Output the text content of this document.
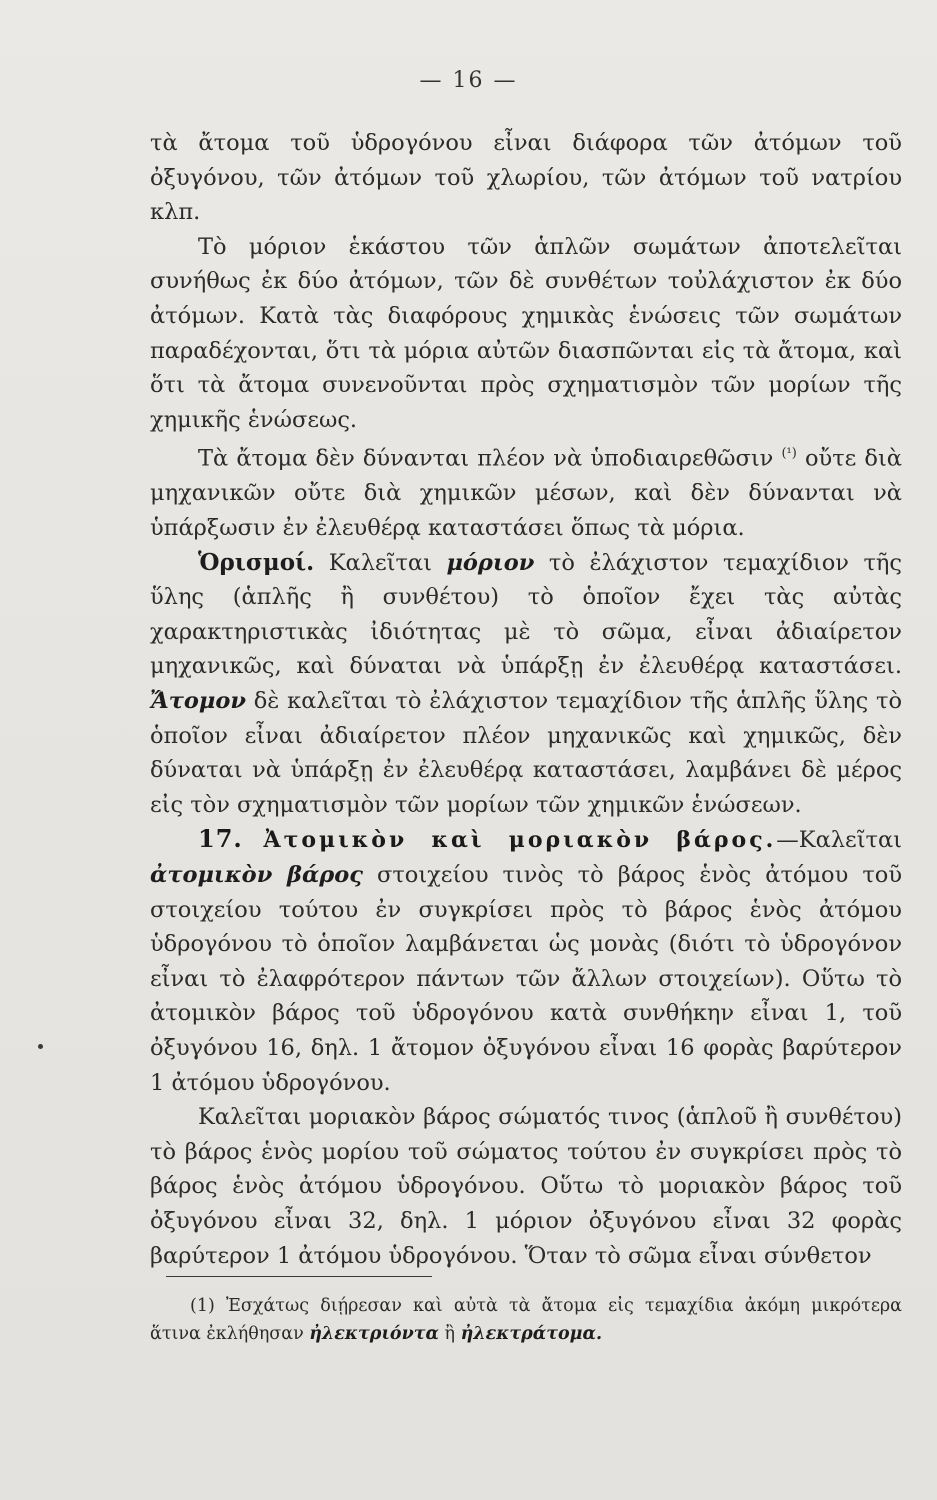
— 16 —

τὰ ἄτομα τοῦ ὑδρογόνου εἶναι διάφορα τῶν ἀτόμων τοῦ ὀξυγόνου, τῶν ἀτόμων τοῦ χλωρίου, τῶν ἀτόμων τοῦ νατρίου κλπ.

Τὸ μόριον ἑκάστου τῶν ἁπλῶν σωμάτων ἀποτελεῖται συνήθως ἐκ δύο ἀτόμων, τῶν δὲ συνθέτων τοὐλάχιστον ἐκ δύο ἀτόμων. Κατὰ τὰς διαφόρους χημικὰς ἑνώσεις τῶν σωμάτων παραδέχονται, ὅτι τὰ μόρια αὐτῶν διασπῶνται εἰς τὰ ἄτομα, καὶ ὅτι τὰ ἄτομα συνενοῦνται πρὸς σχηματισμὸν τῶν μορίων τῆς χημικῆς ἑνώσεως.

Τὰ ἄτομα δὲν δύνανται πλέον νὰ ὑποδιαιρεθῶσιν $^{(^1)}$ οὔτε διὰ μηχανικῶν οὔτε διὰ χημικῶν μέσων, καὶ δὲν δύνανται νὰ ὑπάρξωσιν ἐν ἐλευθέρᾳ καταστάσει ὅπως τὰ μόρια.

Ὁρισμοί. Καλεῖται μόριον τὸ ἐλάχιστον τεμαχίδιον τῆς ὕλης (ἁπλῆς ἢ συνθέτου) τὸ ὁποῖον ἔχει τὰς αὐτὰς χαρακτηριστικὰς ἰδιότητας μὲ τὸ σῶμα, εἶναι ἀδιαίρετον μηχανικῶς, καὶ δύναται νὰ ὑπάρξῃ ἐν ἐλευθέρᾳ καταστάσει. Ἄτομον δὲ καλεῖται τὸ ἐλάχιστον τεμαχίδιον τῆς ἁπλῆς ὕλης τὸ ὁποῖον εἶναι ἀδιαίρετον πλέον μηχανικῶς καὶ χημικῶς, δὲν δύναται νὰ ὑπάρξῃ ἐν ἐλευθέρᾳ καταστάσει, λαμβάνει δὲ μέρος εἰς τὸν σχηματισμὸν τῶν μορίων τῶν χημικῶν ἑνώσεων.

17. Ἀτομικὸν καὶ μοριακὸν βάρος.—Καλεῖται ἀτομικὸν βάρος στοιχείου τινὸς τὸ βάρος ἑνὸς ἀτόμου τοῦ στοιχείου τούτου ἐν συγκρίσει πρὸς τὸ βάρος ἑνὸς ἀτόμου ὑδρογόνου τὸ ὁποῖον λαμβάνεται ὡς μονὰς (διότι τὸ ὑδρογόνον εἶναι τὸ ἐλαφρότερον πάντων τῶν ἄλλων στοιχείων). Οὕτω τὸ ἀτομικὸν βάρος τοῦ ὑδρογόνου κατὰ συνθήκην εἶναι 1, τοῦ ὀξυγόνου 16, δηλ. 1 ἄτομον ὀξυγόνου εἶναι 16 φορὰς βαρύτερον 1 ἀτόμου ὑδρογόνου.

Καλεῖται μοριακὸν βάρος σώματός τινος (ἁπλοῦ ἢ συνθέτου) τὸ βάρος ἑνὸς μορίου τοῦ σώματος τούτου ἐν συγκρίσει πρὸς τὸ βάρος ἑνὸς ἀτόμου ὑδρογόνου. Οὕτω τὸ μοριακὸν βάρος τοῦ ὀξυγόνου εἶναι 32, δηλ. 1 μόριον ὀξυγόνου εἶναι 32 φορὰς βαρύτερον 1 ἀτόμου ὑδρογόνου. Ὅταν τὸ σῶμα εἶναι σύνθετον

(1) Ἐσχάτως διῄρεσαν καὶ αὐτὰ τὰ ἄτομα εἰς τεμαχίδια ἀκόμη μικρότερα ἅτινα ἐκλήθησαν ἠλεκτριόντα ἢ ἠλεκτράτομα.
